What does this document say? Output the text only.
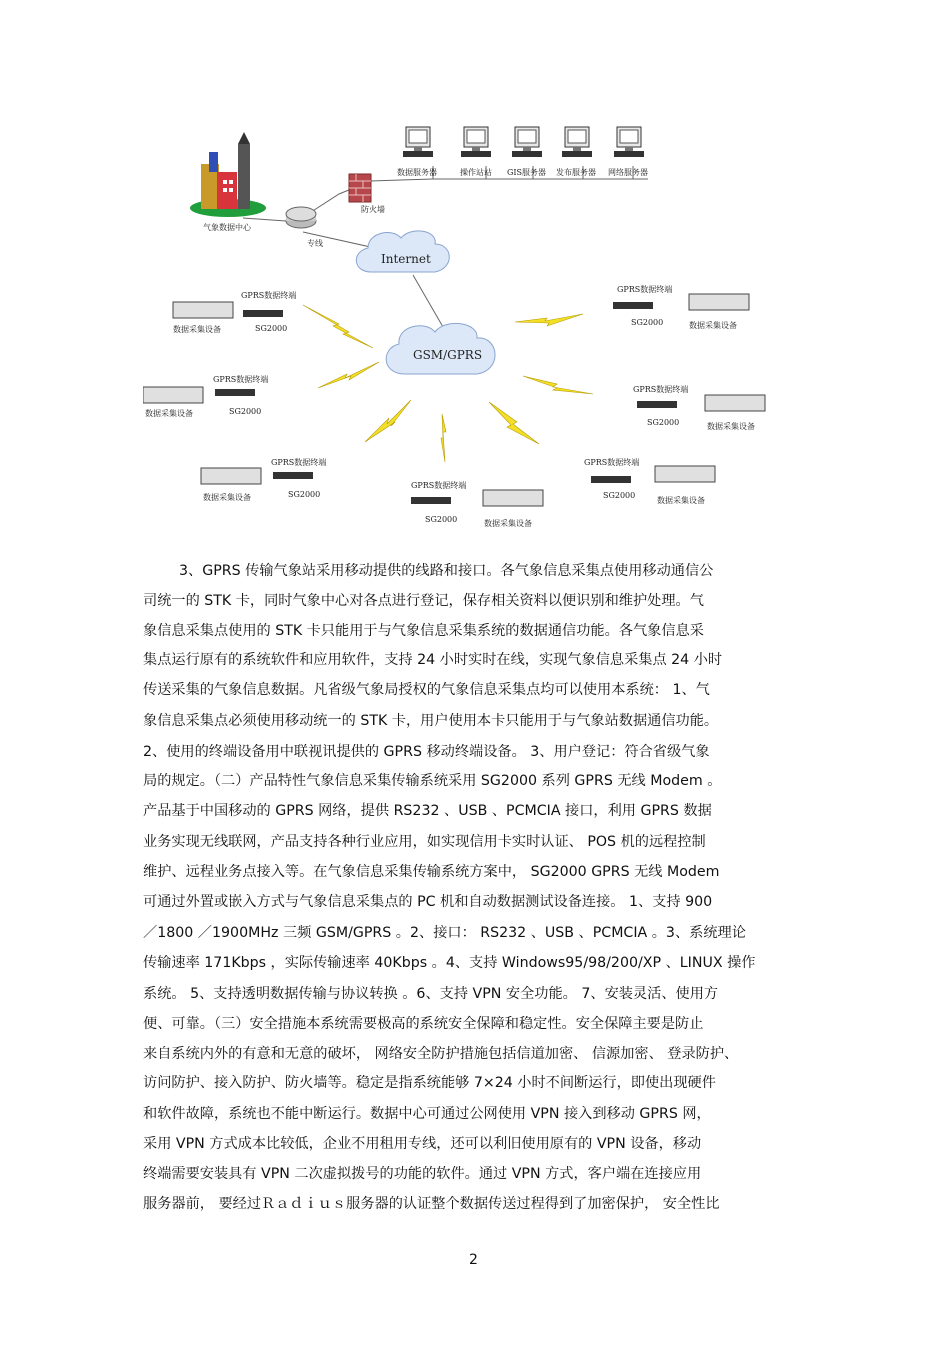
气象数据中心
专线
防火墙
数据服务器	操作站站 GIS服务器 发布服务器 网络服务器
Internet
GSM/GPRS
GPRS数据终端
SG2000
数据采集设备
GPRS数据终端
SG2000	数据采集设备
GPRS数据终端
SG2000
数据采集设备
GPRS数据终端
SG2000	数据采集设备
GPRS数据终端
SG2000
数据采集设备
GPRS数据终端
SG2000
数据采集设备
GPRS数据终端
SG2000	数据采集设备
3、GPRS 传输气象站采用移动提供的线路和接口。各气象信息采集点使用移动通信公
司统一的 STK 卡，同时气象中心对各点进行登记，保存相关资料以便识别和维护处理。气
象信息采集点使用的 STK 卡只能用于与气象信息采集系统的数据通信功能。各气象信息采
集点运行原有的系统软件和应用软件，支持 24 小时实时在线，实现气象信息采集点 24 小时
传送采集的气象信息数据。凡省级气象局授权的气象信息采集点均可以使用本系统： 1、气
象信息采集点必须使用移动统一的 STK 卡，用户使用本卡只能用于与气象站数据通信功能。
2、使用的终端设备用中联视讯提供的 GPRS 移动终端设备。 3、用户登记：符合省级气象
局的规定。（二）产品特性气象信息采集传输系统采用 SG2000 系列 GPRS 无线 Modem 。
产品基于中国移动的 GPRS 网络，提供 RS232 、USB 、PCMCIA 接口，利用 GPRS 数据
业务实现无线联网，产品支持各种行业应用，如实现信用卡实时认证、 POS 机的远程控制
维护、远程业务点接入等。在气象信息采集传输系统方案中， SG2000 GPRS 无线 Modem
可通过外置或嵌入方式与气象信息采集点的 PC 机和自动数据测试设备连接。 1、支持 900
／1800 ／1900MHz 三频 GSM/GPRS 。2、接口： RS232 、USB 、PCMCIA 。3、系统理论
传输速率 171Kbps ，实际传输速率 40Kbps 。4、支持 Windows95/98/200/XP 、LINUX 操作
系统。 5、支持透明数据传输与协议转换 。6、支持 VPN 安全功能。 7、安装灵活、使用方
便、可靠。（三）安全措施本系统需要极高的系统安全保障和稳定性。安全保障主要是防止
来自系统内外的有意和无意的破坏， 网络安全防护措施包括信道加密、 信源加密、 登录防护、
访问防护、接入防护、防火墙等。稳定是指系统能够 7×24 小时不间断运行，即使出现硬件
和软件故障，系统也不能中断运行。数据中心可通过公网使用 VPN 接入到移动 GPRS 网，
采用 VPN 方式成本比较低，企业不用租用专线，还可以利旧使用原有的 VPN 设备，移动
终端需要安装具有 VPN 二次虚拟拨号的功能的软件。通过 VPN 方式，客户端在连接应用
服务器前， 要经过Ｒａｄｉｕｓ服务器的认证整个数据传送过程得到了加密保护， 安全性比
2
